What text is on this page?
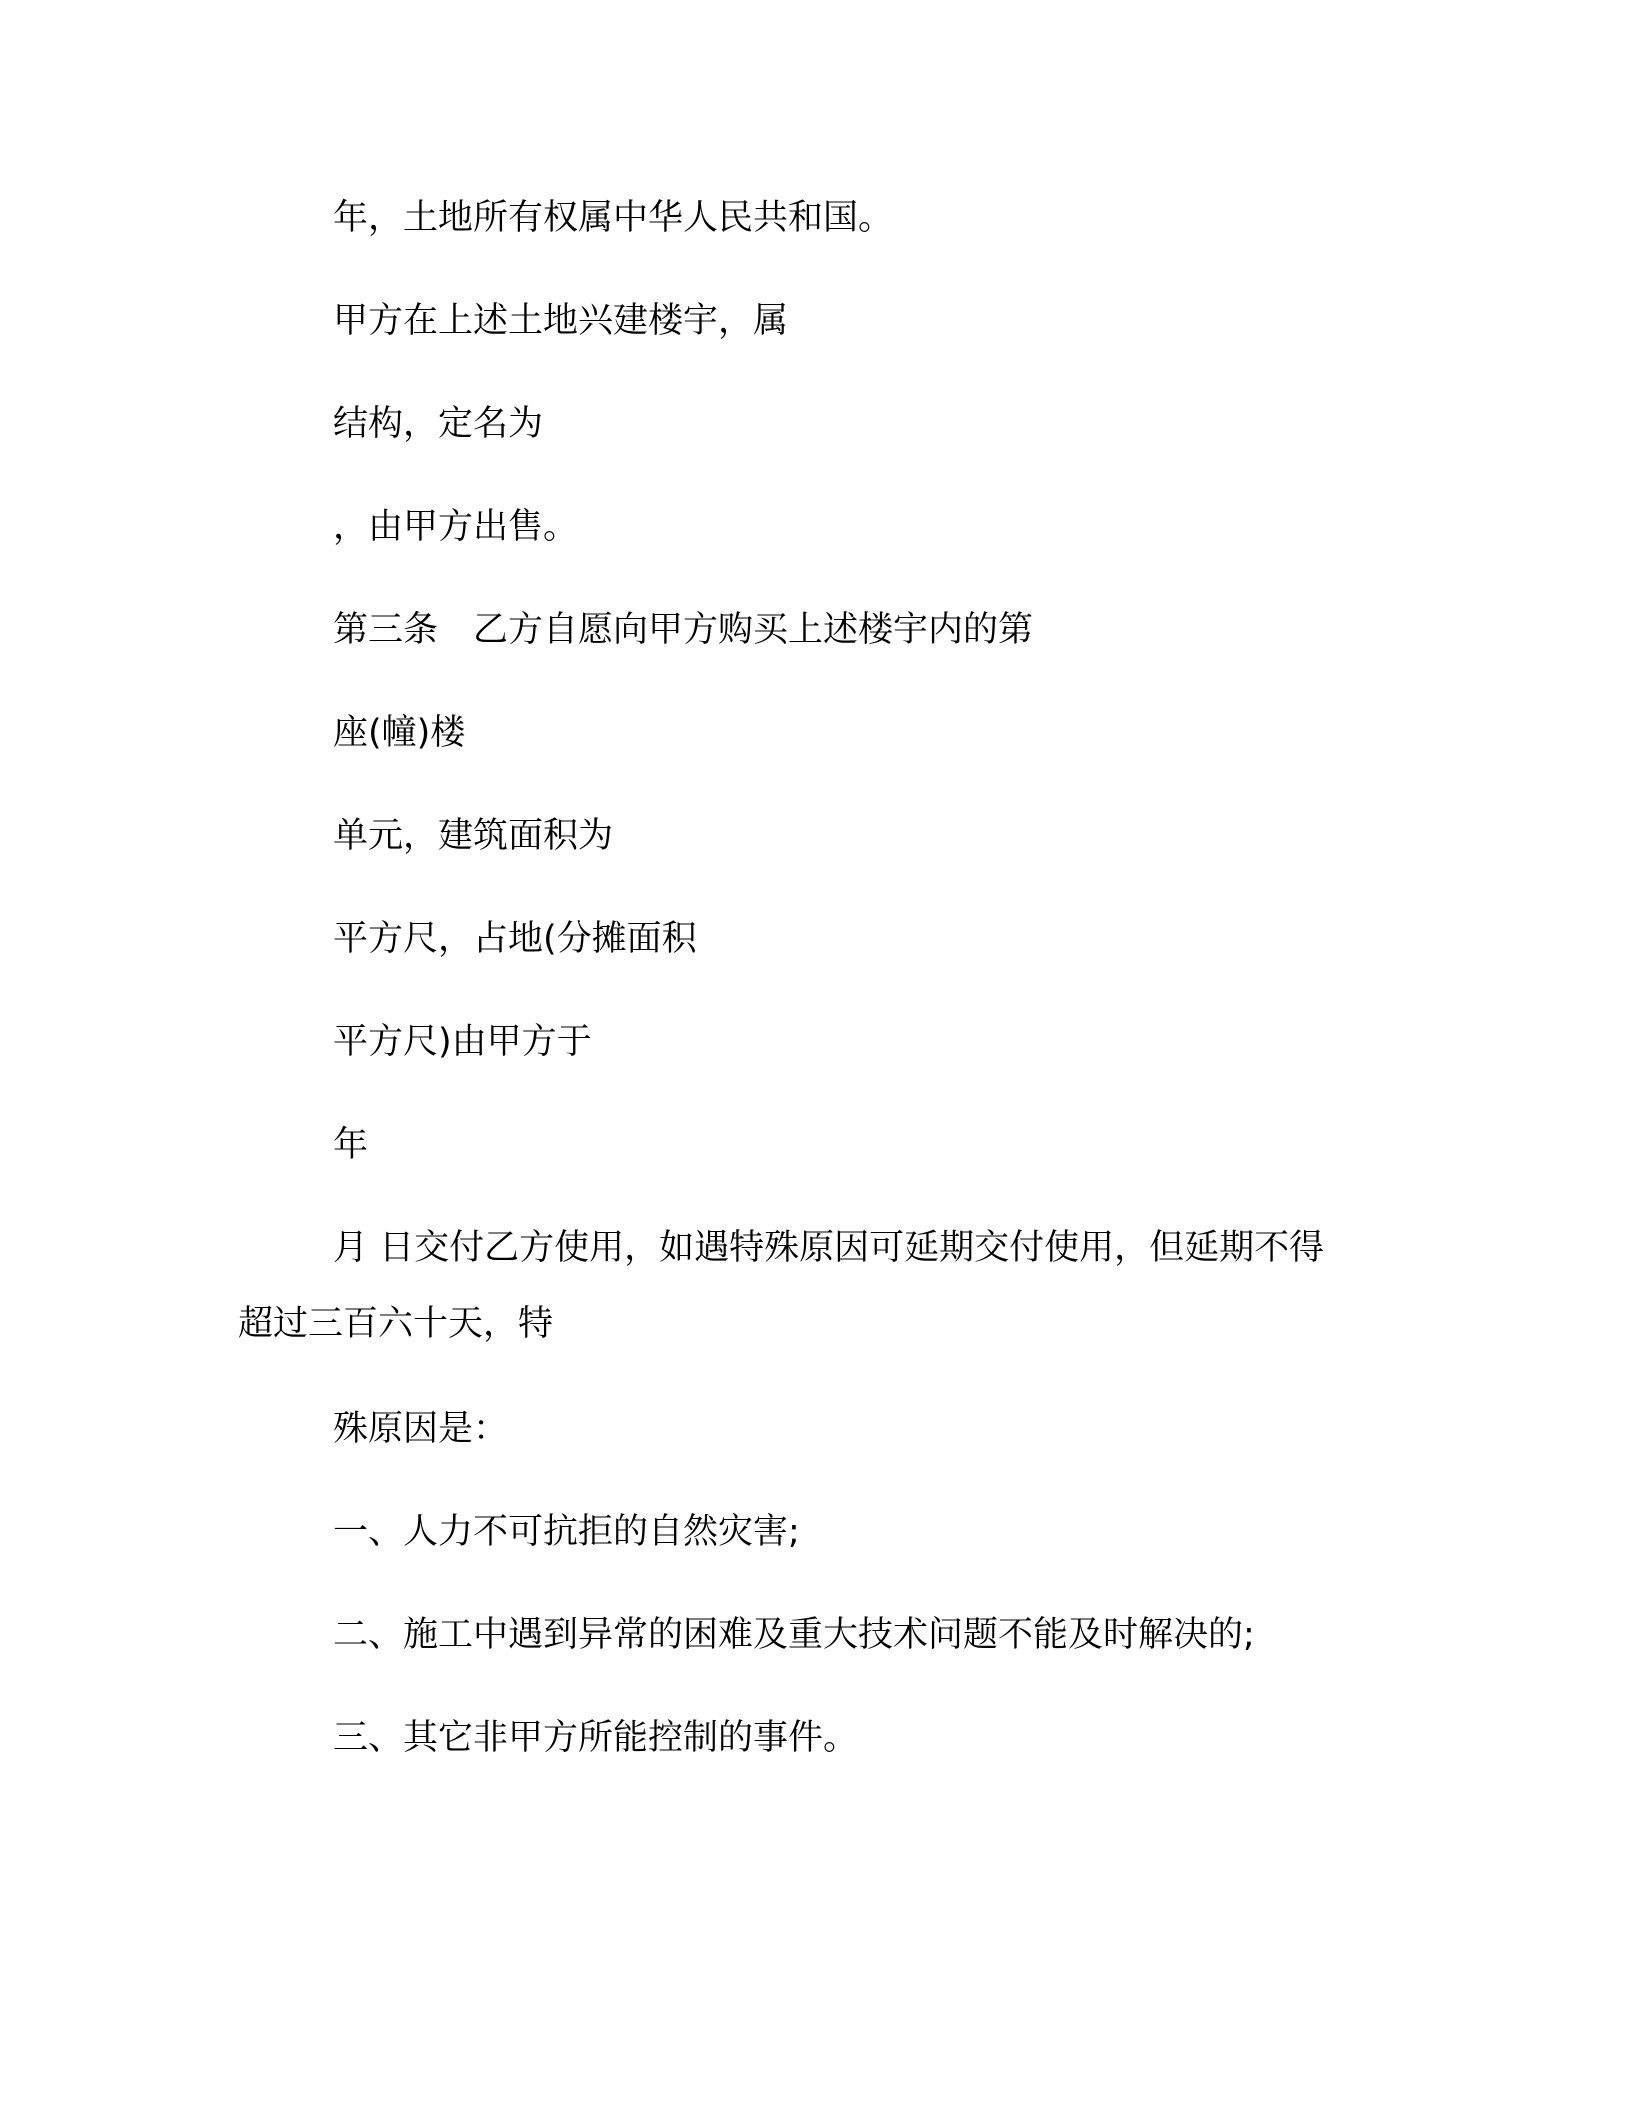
年，土地所有权属中华人民共和国。

甲方在上述土地兴建楼宇，属

结构，定名为

，由甲方出售。

第三条　乙方自愿向甲方购买上述楼宇内的第

座(幢)楼

单元，建筑面积为

平方尺，占地(分摊面积

平方尺)由甲方于

年

月 日交付乙方使用，如遇特殊原因可延期交付使用，但延期不得

超过三百六十天，特

殊原因是：

一、人力不可抗拒的自然灾害;

二、施工中遇到异常的困难及重大技术问题不能及时解决的;

三、其它非甲方所能控制的事件。
